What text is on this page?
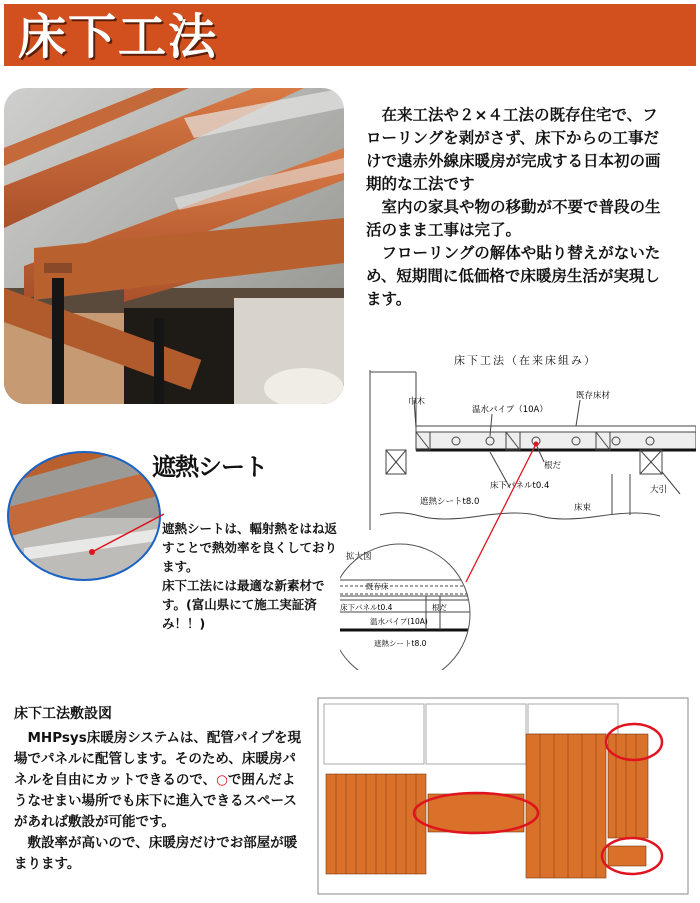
床下工法

在来工法や２×４工法の既存住宅で、フローリングを剥がさず、床下からの工事だけで遠赤外線床暖房が完成する日本初の画期的な工法です

室内の家具や物の移動が不要で普段の生活のまま工事は完了。

フローリングの解体や貼り替えがないため、短期間に低価格で床暖房生活が実現します。

遮熱シート

遮熱シートは、輻射熱をはね返すことで熱効率を良くしております。

床下工法には最適な新素材です。(富山県にて施工実証済み！！)

床下工法（在来床組み）
巾木
温水パイプ（10A）
既存床材
根だ
床下パネルt0.4
遮熱シートt8.0
床束
大引
拡大図
既存床
床下パネルt0.4	根だ
温水パイプ(10A)
遮熱シートt8.0
床下工法敷設図

MHPsys床暖房システムは、配管パイプを現場でパネルに配管します。そのため、床暖房パネルを自由にカットできるので、○で囲んだようなせまい場所でも床下に進入できるスペースがあれば敷設が可能です。

敷設率が高いので、床暖房だけでお部屋が暖まります。
